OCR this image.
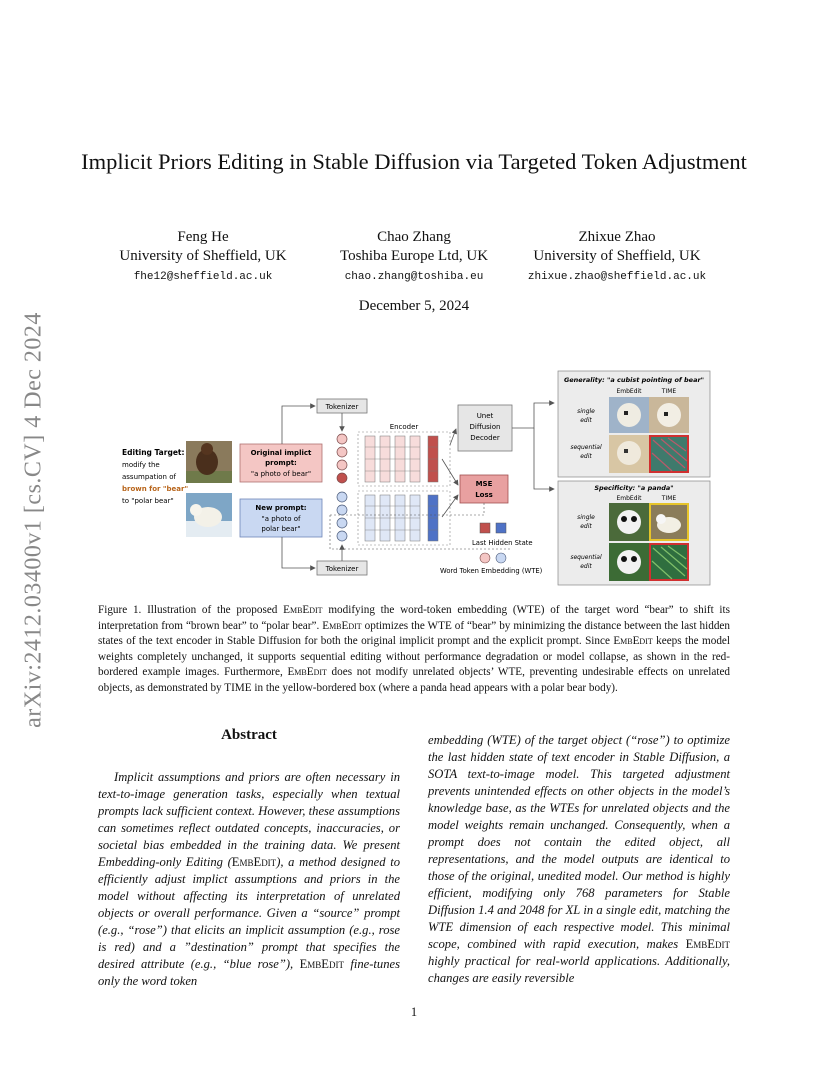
arXiv:2412.03400v1 [cs.CV] 4 Dec 2024
Implicit Priors Editing in Stable Diffusion via Targeted Token Adjustment
Feng He
University of Sheffield, UK
fhe12@sheffield.ac.uk
Chao Zhang
Toshiba Europe Ltd, UK
chao.zhang@toshiba.eu
Zhixue Zhao
University of Sheffield, UK
zhixue.zhao@sheffield.ac.uk
December 5, 2024
Editing Target:
modify the
assumpation of
brown for "bear"
to "polar bear"
Original implict
prompt:
"a photo of bear"
New prompt:
"a photo of
polar bear"
Tokenizer
Tokenizer
Encoder
Unet
Diffusion
Decoder
MSE
Loss
Last Hidden State
Word Token Embedding (WTE)
Generality: "a cubist pointing of bear"
EmbEdit	TIME
single
edit
sequential
edit
Specificity: "a panda"
EmbEdit	TIME
single
edit
sequential
edit
Figure 1. Illustration of the proposed EmbEdit modifying the word-token embedding (WTE) of the target word “bear” to shift its interpretation from “brown bear” to “polar bear”. EmbEdit optimizes the WTE of “bear” by minimizing the distance between the last hidden states of the text encoder in Stable Diffusion for both the original implicit prompt and the explicit prompt. Since EmbEdit keeps the model weights completely unchanged, it supports sequential editing without performance degradation or model collapse, as shown in the red-bordered example images. Furthermore, EmbEdit does not modify unrelated objects’ WTE, preventing undesirable effects on unrelated objects, as demonstrated by TIME in the yellow-bordered box (where a panda head appears with a polar bear body).
Abstract
Implicit assumptions and priors are often necessary in text-to-image generation tasks, especially when textual prompts lack sufficient context. However, these assumptions can sometimes reflect outdated concepts, inaccuracies, or societal bias embedded in the training data. We present Embedding-only Editing (EmbEdit), a method designed to efficiently adjust implict assumptions and priors in the model without affecting its interpretation of unrelated objects or overall performance. Given a “source” prompt (e.g., “rose”) that elicits an implicit assumption (e.g., rose is red) and a ”destination” prompt that specifies the desired attribute (e.g., “blue rose”), EmbEdit fine-tunes only the word token
embedding (WTE) of the target object (“rose”) to optimize the last hidden state of text encoder in Stable Diffusion, a SOTA text-to-image model. This targeted adjustment prevents unintended effects on other objects in the model’s knowledge base, as the WTEs for unrelated objects and the model weights remain unchanged. Consequently, when a prompt does not contain the edited object, all representations, and the model outputs are identical to those of the original, unedited model. Our method is highly efficient, modifying only 768 parameters for Stable Diffusion 1.4 and 2048 for XL in a single edit, matching the WTE dimension of each respective model. This minimal scope, combined with rapid execution, makes EmbEdit highly practical for real-world applications. Additionally, changes are easily reversible
1
